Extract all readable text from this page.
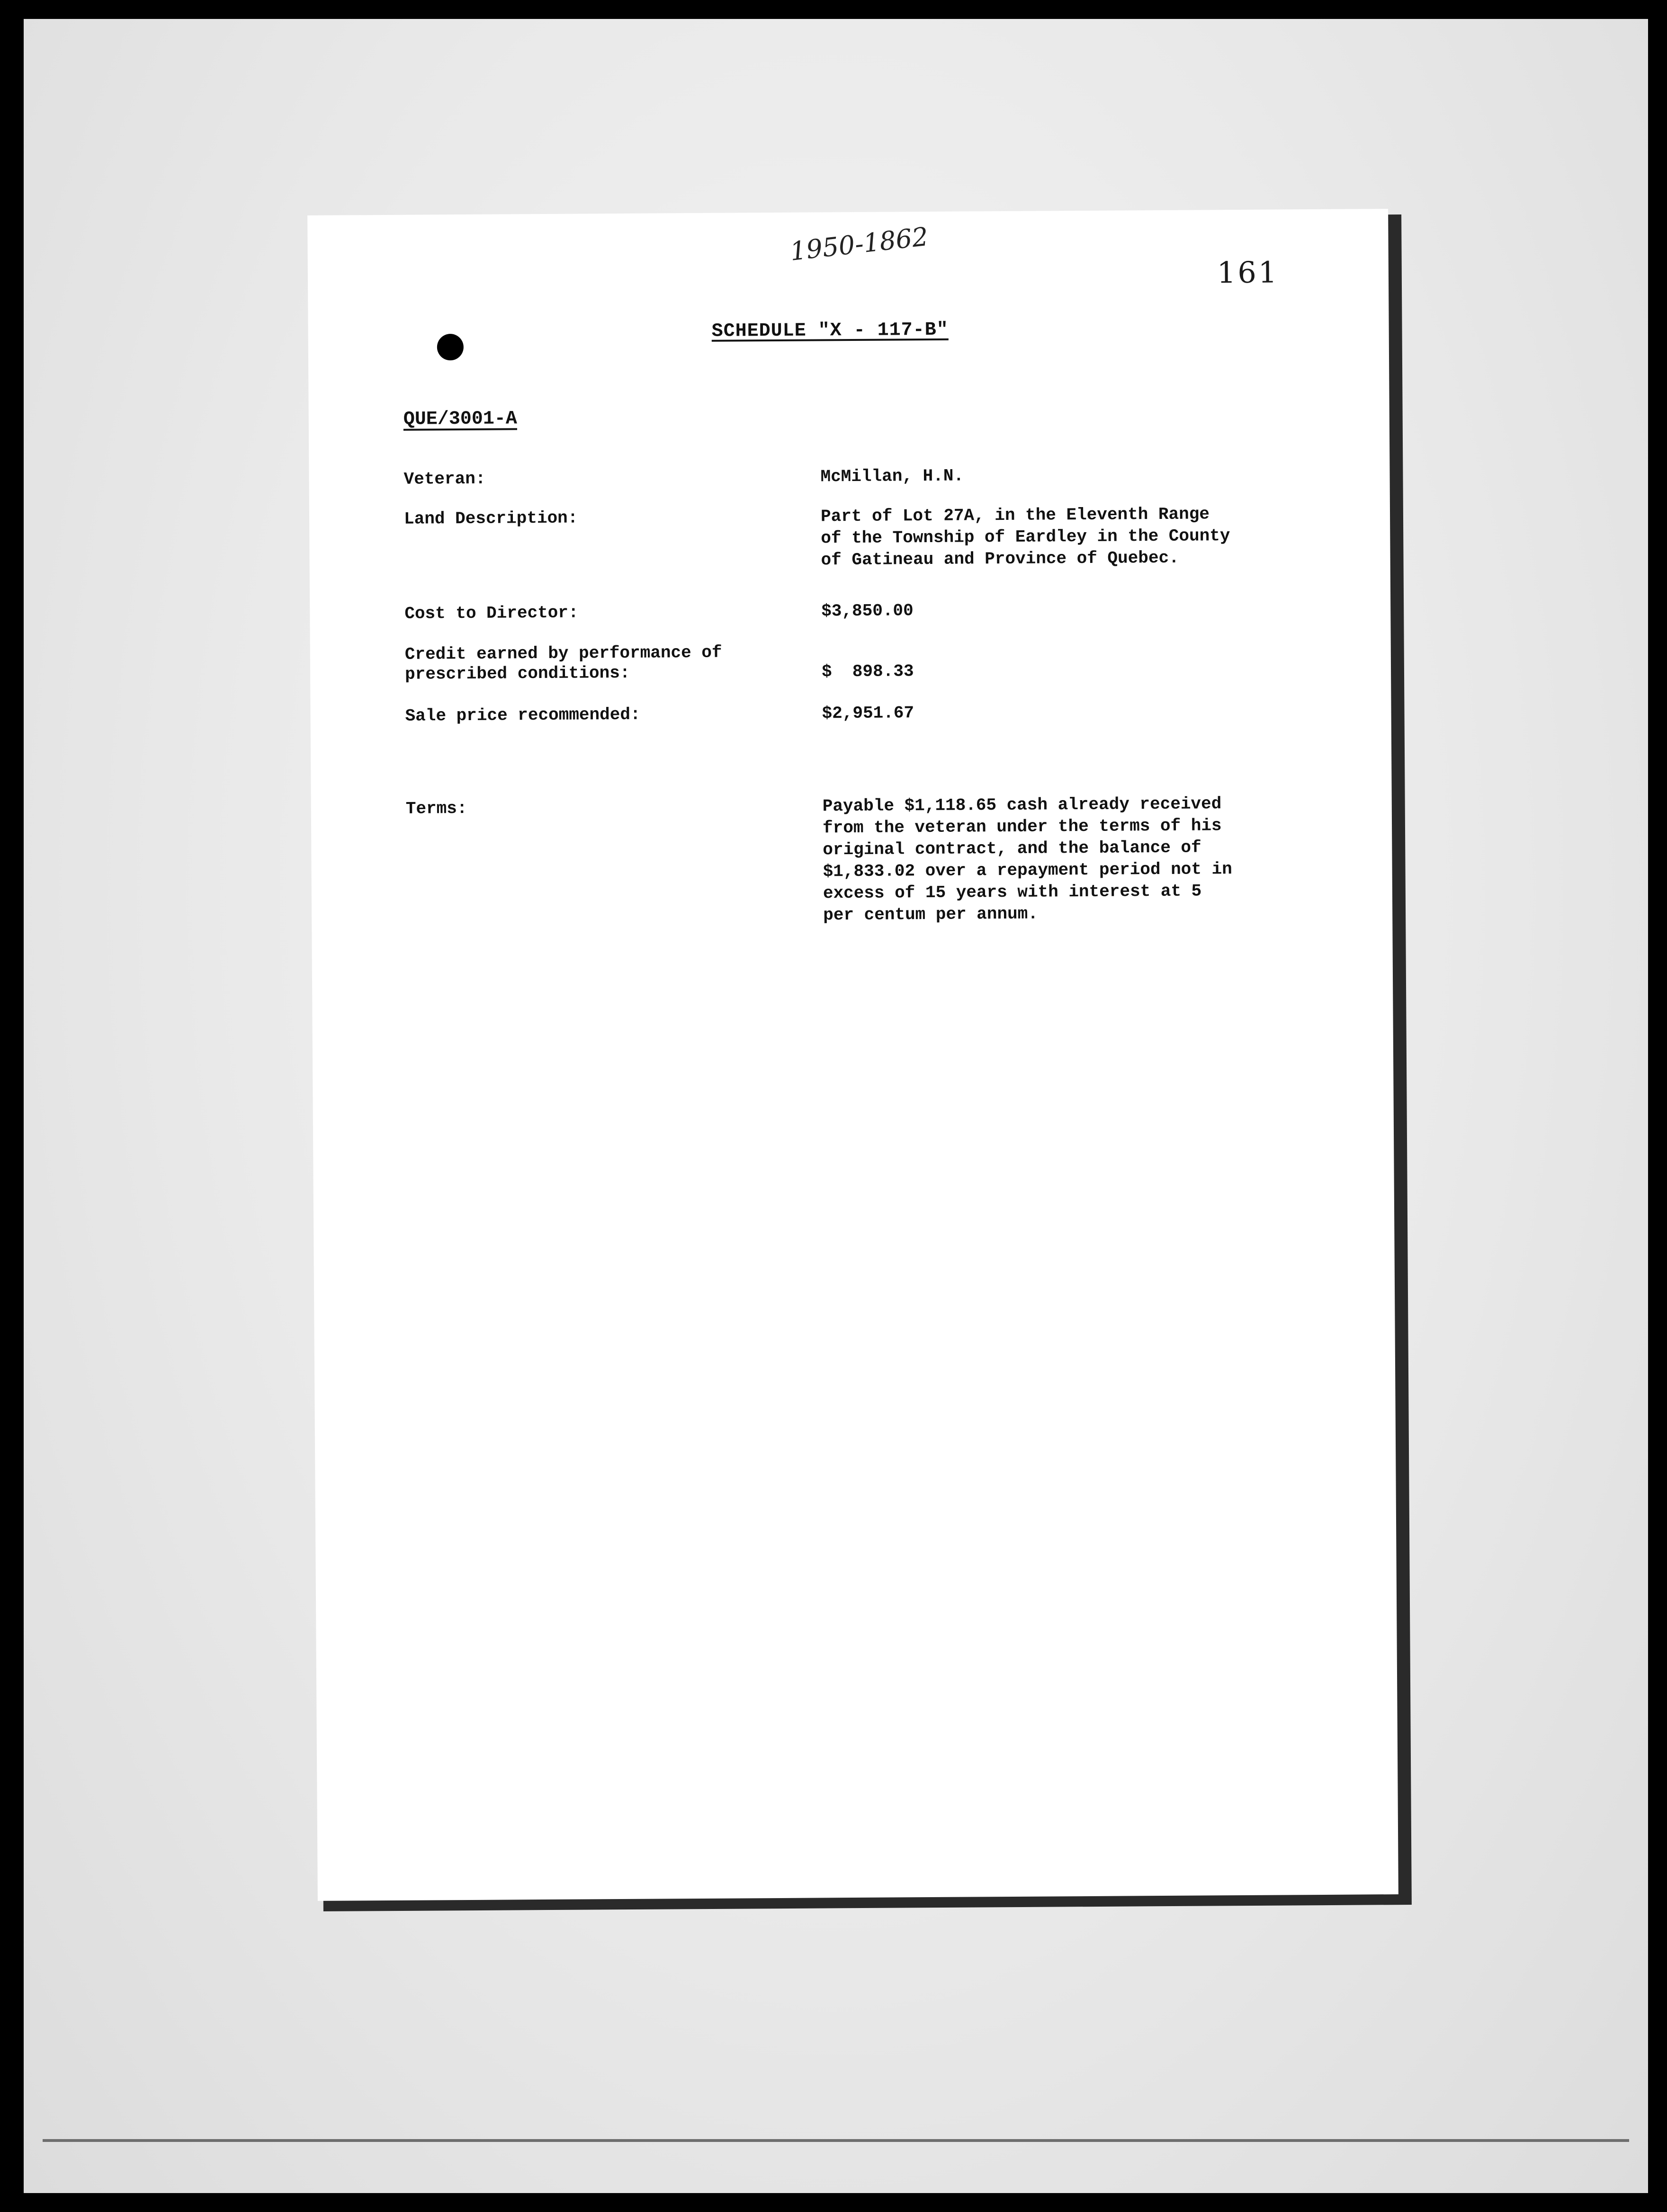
1950-1862
161
SCHEDULE "X - 117-B"
QUE/3001-A
Veteran:	McMillan, H.N.
Land Description:	Part of Lot 27A, in the Eleventh Range
of the Township of Eardley in the County
of Gatineau and Province of Quebec.
Cost to Director:	$3,850.00
Credit earned by performance of
prescribed conditions:	$  898.33
Sale price recommended:	$2,951.67
Terms:	Payable $1,118.65 cash already received
from the veteran under the terms of his
original contract, and the balance of
$1,833.02 over a repayment period not in
excess of 15 years with interest at 5
per centum per annum.
